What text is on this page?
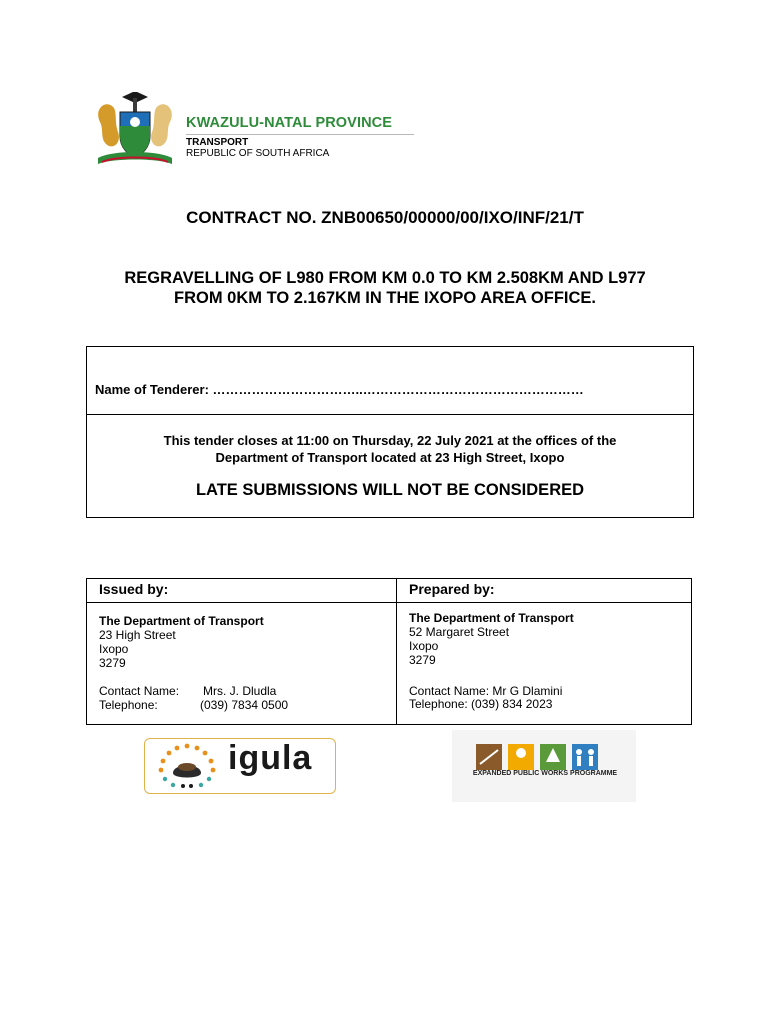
KWAZULU-NATAL PROVINCE
TRANSPORT
REPUBLIC OF SOUTH AFRICA
CONTRACT NO. ZNB00650/00000/00/IXO/INF/21/T
REGRAVELLING OF L980 FROM KM 0.0 TO KM 2.508KM AND L977
FROM 0KM TO 2.167KM IN THE IXOPO AREA OFFICE.
Name of Tenderer: ……………………………..……………………………………………
This tender closes at 11:00 on Thursday, 22 July 2021 at the offices of the
Department of Transport located at 23 High Street, Ixopo
LATE SUBMISSIONS WILL NOT BE CONSIDERED
Issued by:
The Department of Transport
23 High Street
Ixopo
3279
Contact Name: Mrs. J. Dludla
Telephone:	(039) 7834 0500
Prepared by:
The Department of Transport
52 Margaret Street
Ixopo
3279
Contact Name: Mr G Dlamini
Telephone: (039) 834 2023
igula	EXPANDED PUBLIC WORKS PROGRAMME
